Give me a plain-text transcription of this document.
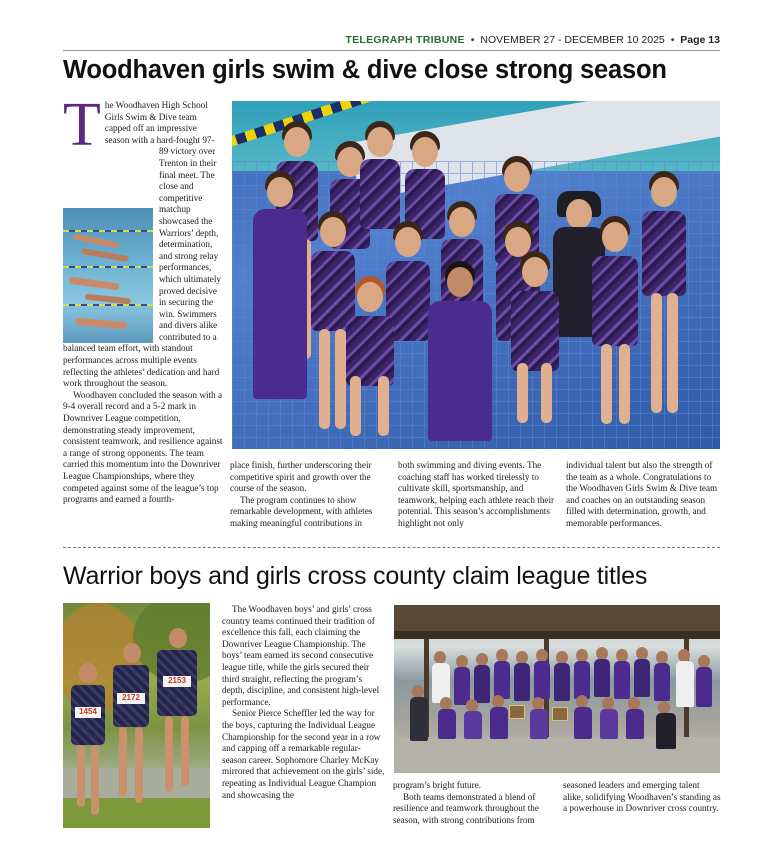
TELEGRAPH TRIBUNE • NOVEMBER 27 - DECEMBER 10 2025 • Page 13
Woodhaven girls swim & dive close strong season

T he Woodhaven High School Girls Swim & Dive team capped off an impressive season with a hard-fought 97-89 victory over Trenton in their final meet. The close and competitive matchup showcased the Warriors’ depth, determination, and strong relay performances, which ultimately proved decisive in securing the win. Swimmers and divers alike contributed to a balanced team effort, with standout performances across multiple events reflecting the athletes’ dedication and hard work throughout the season.

Woodhaven concluded the season with a 9-4 overall record and a 5-2 mark in Downriver League competition, demonstrating steady improvement, consistent teamwork, and resilience against a range of strong opponents. The team carried this momentum into the Downriver League Championships, where they competed against some of the league’s top programs and earned a fourth-

place finish, further underscoring their competitive spirit and growth over the course of the season.

The program continues to show remarkable development, with athletes making meaningful contributions in

both swimming and diving events. The coaching staff has worked tirelessly to cultivate skill, sportsmanship, and teamwork, helping each athlete reach their potential. This season’s accomplishments highlight not only

individual talent but also the strength of the team as a whole. Congratulations to the Woodhaven Girls Swim & Dive team and coaches on an outstanding season filled with determination, growth, and memorable performances.

Warrior boys and girls cross county claim league titles
1454
2172
2153

The Woodhaven boys’ and girls’ cross country teams continued their tradition of excellence this fall, each claiming the Downriver League Championship. The boys’ team earned its second consecutive league title, while the girls secured their third straight, reflecting the program’s depth, discipline, and consistent high-level performance.

Senior Pierce Scheffler led the way for the boys, capturing the Individual League Championship for the second year in a row and capping off a remarkable regular-season career. Sophomore Charley McKay mirrored that achievement on the girls’ side, repeating as Individual League Champion and showcasing the

program’s bright future.

Both teams demonstrated a blend of resilience and teamwork throughout the season, with strong contributions from

seasoned leaders and emerging talent alike, solidifying Woodhaven’s standing as a powerhouse in Downriver cross country.
